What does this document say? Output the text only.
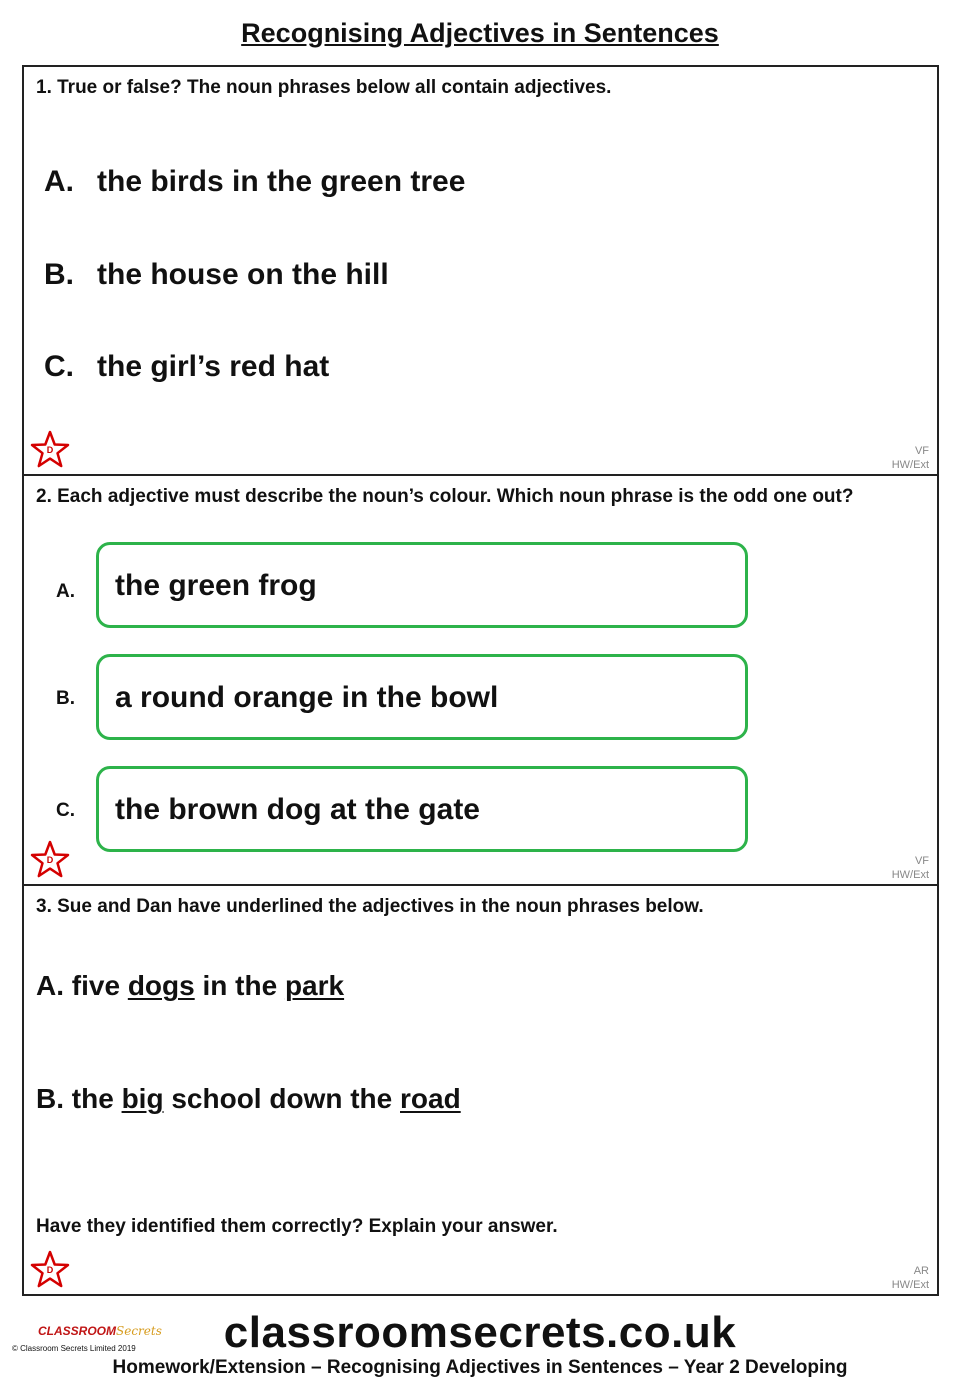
Recognising Adjectives in Sentences
1. True or false? The noun phrases below all contain adjectives.
A. the birds in the green tree
B. the house on the hill
C. the girl’s red hat
D	VF
HW/Ext
2. Each adjective must describe the noun’s colour. Which noun phrase is the odd one out?
A. the green frog
B. a round orange in the bowl
C. the brown dog at the gate
D	VF
HW/Ext
3. Sue and Dan have underlined the adjectives in the noun phrases below.
A. five dogs in the park
B. the big school down the road
Have they identified them correctly? Explain your answer.
D	AR
HW/Ext
CLASSROOMSecrets
© Classroom Secrets Limited 2019	classroomsecrets.co.uk
Homework/Extension – Recognising Adjectives in Sentences – Year 2 Developing
